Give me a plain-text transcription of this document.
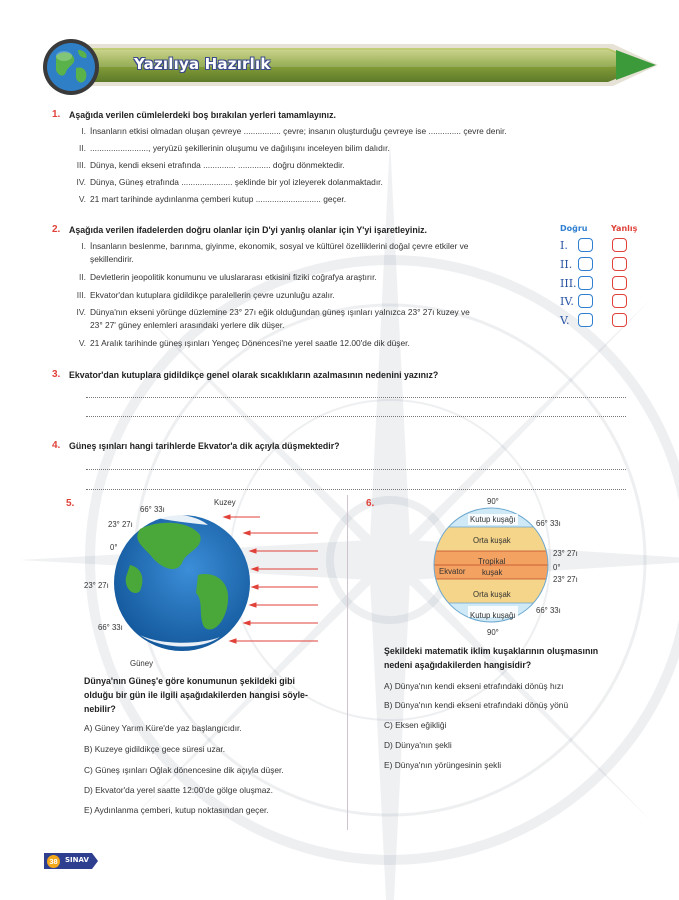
Yazılıya Hazırlık
1. Aşağıda verilen cümlelerdeki boş bırakılan yerleri tamamlayınız.
I. İnsanların etkisi olmadan oluşan çevreye ................ çevre; insanın oluşturduğu çevreye ise .............. çevre denir.
II. ........................., yeryüzü şekillerinin oluşumu ve dağılışını inceleyen bilim dalıdır.
III. Dünya, kendi ekseni etrafında .............. .............. doğru dönmektedir.
IV. Dünya, Güneş etrafında ...................... şeklinde bir yol izleyerek dolanmaktadır.
V. 21 mart tarihinde aydınlanma çemberi kutup ............................ geçer.
2. Aşağıda verilen ifadelerden doğru olanlar için D'yi yanlış olanlar için Y'yi işaretleyiniz.
I. İnsanların beslenme, barınma, giyinme, ekonomik, sosyal ve kültürel özelliklerini doğal çevre etkiler ve
şekillendirir.
II. Devletlerin jeopolitik konumunu ve uluslararası etkisini fiziki coğrafya araştırır.
III. Ekvator'dan kutuplara gidildikçe paralellerin çevre uzunluğu azalır.
IV. Dünya'nın ekseni yörünge düzlemine 23° 27ı eğik olduğundan güneş ışınları yalnızca 23° 27ı kuzey ve
23° 27' güney enlemleri arasındaki yerlere dik düşer.
V. 21 Aralık tarihinde güneş ışınları Yengeç Dönencesi'ne yerel saatle 12.00'de dik düşer.
Doğru	Yanlış
I.
II.
III.
IV.
V.
3. Ekvator'dan kutuplara gidildikçe genel olarak sıcaklıkların azalmasının nedenini yazınız?
4. Güneş ışınları hangi tarihlerde Ekvator'a dik açıyla düşmektedir?
5.	Kuzey
66° 33ı
23° 27ı
0°
23° 27ı
66° 33ı
Güney
Dünya'nın Güneş'e göre konumunun şekildeki gibi
olduğu bir gün ile ilgili aşağıdakilerden hangisi söyle-
nebilir?
A) Güney Yarım Küre'de yaz başlangıcıdır.
B) Kuzeye gidildikçe gece süresi uzar.
C) Güneş ışınları Oğlak dönencesine dik açıyla düşer.
D) Ekvator'da yerel saatte 12:00'de gölge oluşmaz.
E) Aydınlanma çemberi, kutup noktasından geçer.
6.	90°
Kutup kuşağı
Orta kuşak
Tropikal
Ekvator kuşak
Orta kuşak
Kutup kuşağı
90°
66° 33ı
23° 27ı
0°
23° 27ı
66° 33ı
Şekildeki matematik iklim kuşaklarının oluşmasının
nedeni aşağıdakilerden hangisidir?
A) Dünya'nın kendi ekseni etrafındaki dönüş hızı
B) Dünya'nın kendi ekseni etrafındaki dönüş yönü
C) Eksen eğikliği
D) Dünya'nın şekli
E) Dünya'nın yörüngesinin şekli
38	SINAV
